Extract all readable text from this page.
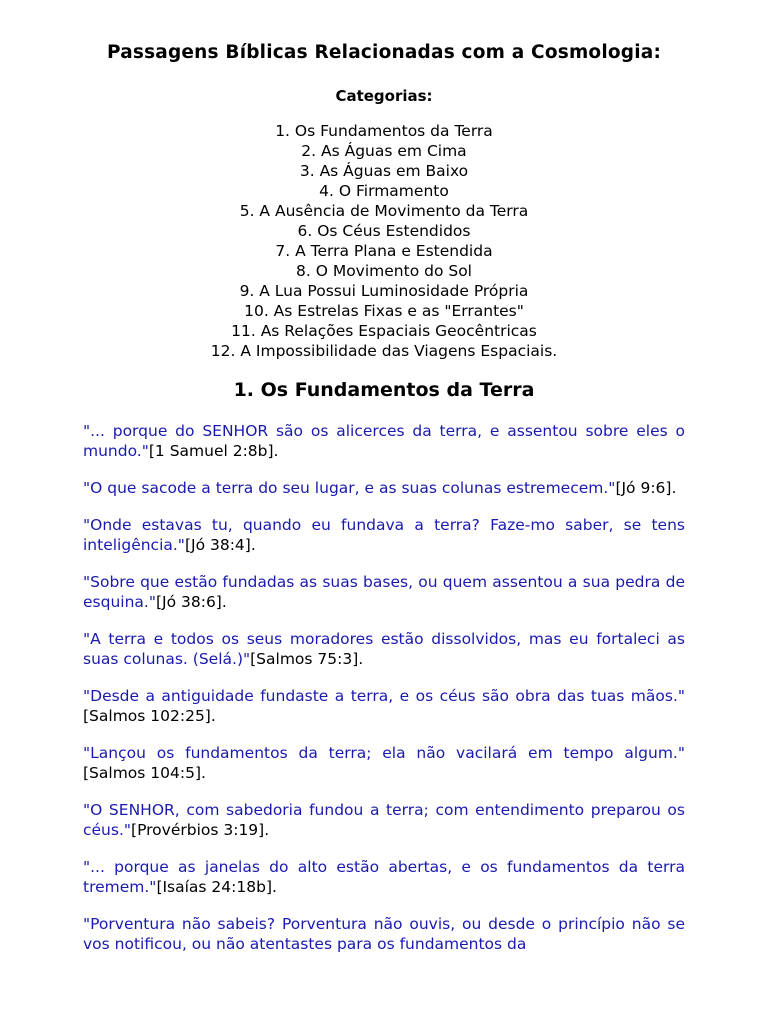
Passagens Bíblicas Relacionadas com a Cosmologia:
Categorias:
1. Os Fundamentos da Terra
2. As Águas em Cima
3. As Águas em Baixo
4. O Firmamento
5. A Ausência de Movimento da Terra
6. Os Céus Estendidos
7. A Terra Plana e Estendida
8. O Movimento do Sol
9. A Lua Possui Luminosidade Própria
10. As Estrelas Fixas e as "Errantes"
11. As Relações Espaciais Geocêntricas
12. A Impossibilidade das Viagens Espaciais.
1. Os Fundamentos da Terra

"... porque do SENHOR são os alicerces da terra, e assentou sobre eles o mundo."[1 Samuel 2:8b].

"O que sacode a terra do seu lugar, e as suas colunas estremecem."[Jó 9:6].

"Onde estavas tu, quando eu fundava a terra? Faze-mo saber, se tens inteligência."[Jó 38:4].

"Sobre que estão fundadas as suas bases, ou quem assentou a sua pedra de esquina."[Jó 38:6].

"A terra e todos os seus moradores estão dissolvidos, mas eu fortaleci as suas colunas. (Selá.)"[Salmos 75:3].

"Desde a antiguidade fundaste a terra, e os céus são obra das tuas mãos."[Salmos 102:25].

"Lançou os fundamentos da terra; ela não vacilará em tempo algum."[Salmos 104:5].

"O SENHOR, com sabedoria fundou a terra; com entendimento preparou os céus."[Provérbios 3:19].

"... porque as janelas do alto estão abertas, e os fundamentos da terra tremem."[Isaías 24:18b].

"Porventura não sabeis? Porventura não ouvis, ou desde o princípio não se vos notificou, ou não atentastes para os fundamentos da
